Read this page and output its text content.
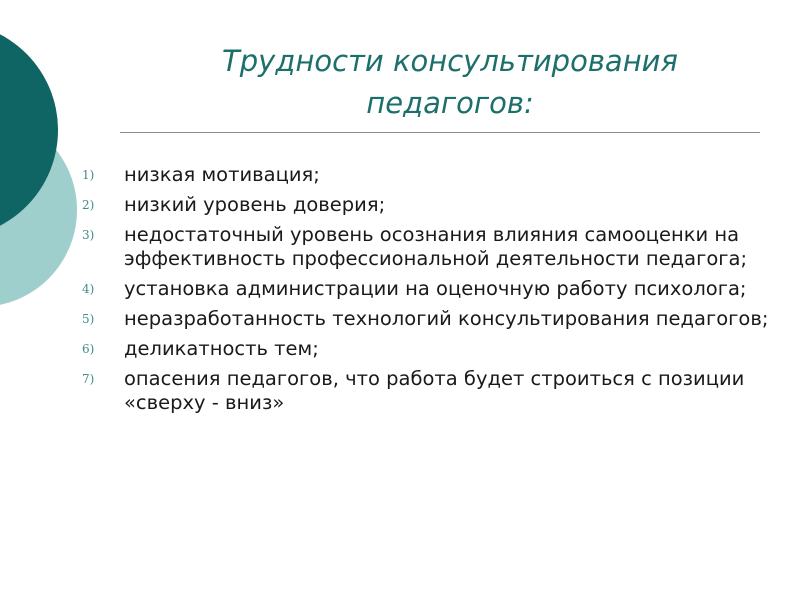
Трудности консультирования
педагогов:
1) низкая мотивация;
2) низкий уровень доверия;
3) недостаточный уровень осознания влияния самооценки на эффективность профессиональной деятельности педагога;
4) установка администрации на оценочную работу психолога;
5) неразработанность технологий консультирования педагогов;
6) деликатность тем;
7) опасения педагогов, что работа будет строиться с позиции «сверху - вниз»
